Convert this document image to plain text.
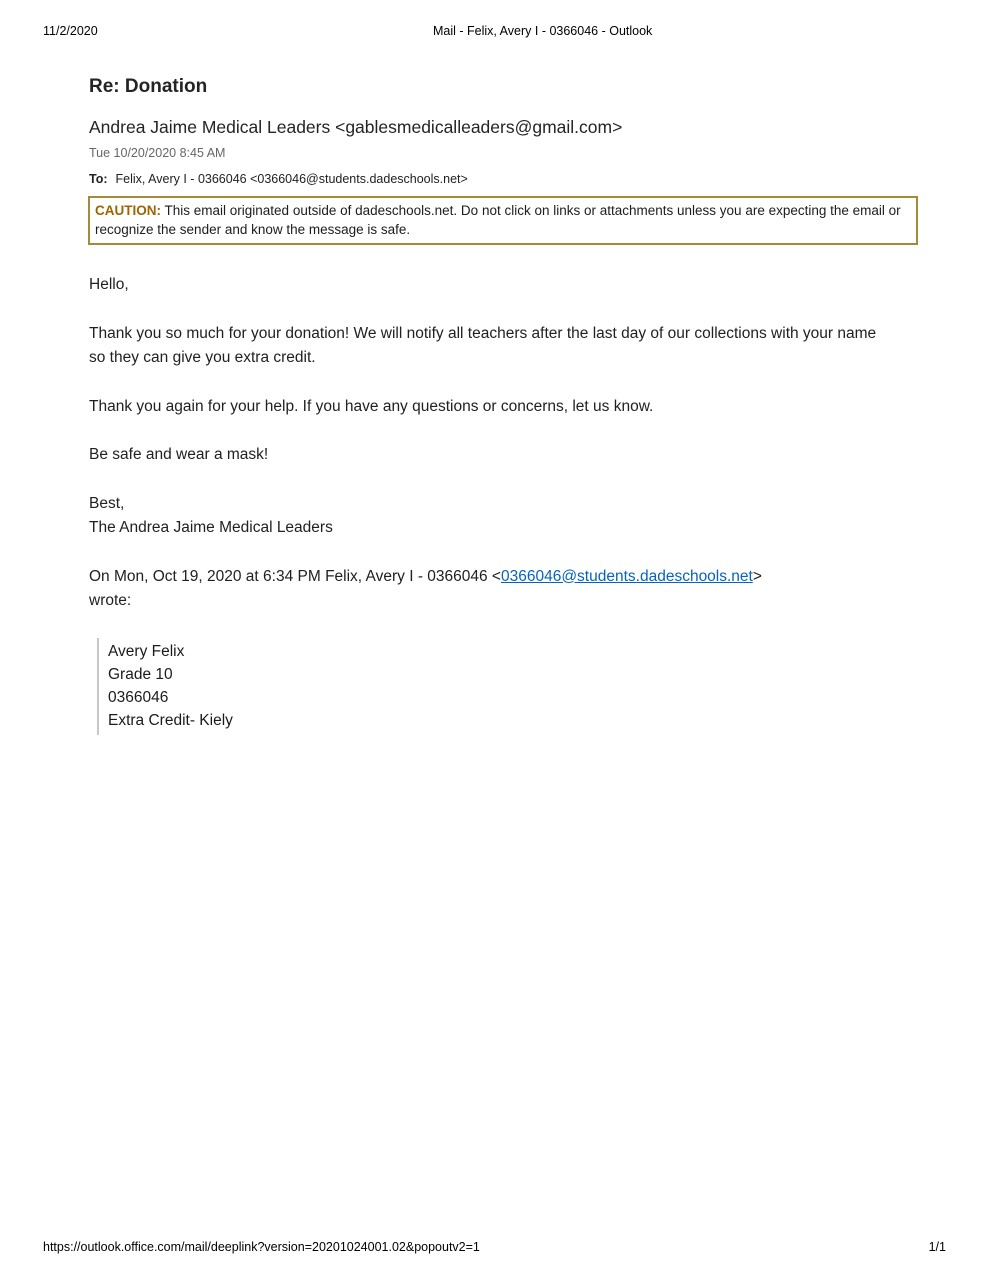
11/2/2020	Mail - Felix, Avery I - 0366046 - Outlook
Re: Donation
Andrea Jaime Medical Leaders <gablesmedicalleaders@gmail.com>
Tue 10/20/2020 8:45 AM
To: Felix, Avery I - 0366046 <0366046@students.dadeschools.net>
CAUTION: This email originated outside of dadeschools.net. Do not click on links or attachments unless you are expecting the email or recognize the sender and know the message is safe.
Hello,
Thank you so much for your donation! We will notify all teachers after the last day of our collections with your name so they can give you extra credit.
Thank you again for your help. If you have any questions or concerns, let us know.
Be safe and wear a mask!
Best,
The Andrea Jaime Medical Leaders
On Mon, Oct 19, 2020 at 6:34 PM Felix, Avery I - 0366046 <0366046@students.dadeschools.net>
wrote:
Avery Felix
Grade 10
0366046
Extra Credit- Kiely
https://outlook.office.com/mail/deeplink?version=20201024001.02&popoutv2=1	1/1
